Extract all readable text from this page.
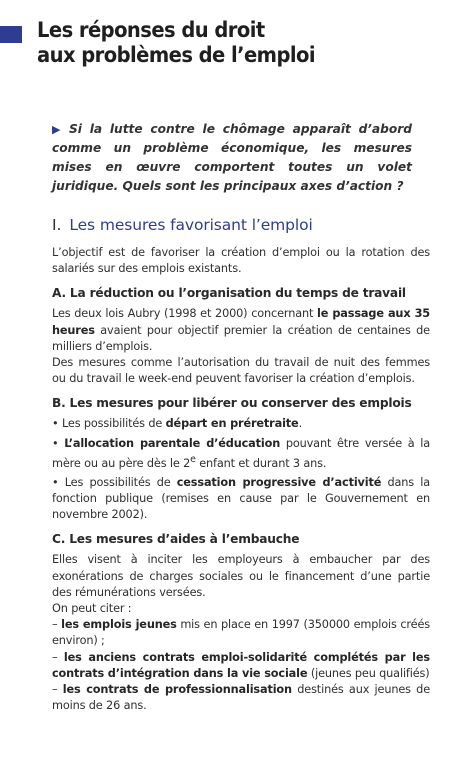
Les réponses du droit
aux problèmes de l’emploi

▶ Si la lutte contre le chômage apparaît d’abord comme un problème économique, les mesures mises en œuvre comportent toutes un volet juridique. Quels sont les principaux axes d’action ?

I. Les mesures favorisant l’emploi

L’objectif est de favoriser la création d’emploi ou la rotation des salariés sur des emplois existants.

A. La réduction ou l’organisation du temps de travail

Les deux lois Aubry (1998 et 2000) concernant le passage aux 35 heures avaient pour objectif premier la création de centaines de milliers d’emplois.

Des mesures comme l’autorisation du travail de nuit des femmes ou du travail le week-end peuvent favoriser la création d’emplois.

B. Les mesures pour libérer ou conserver des emplois

• Les possibilités de départ en préretraite.

• L’allocation parentale d’éducation pouvant être versée à la mère ou au père dès le 2e enfant et durant 3 ans.

• Les possibilités de cessation progressive d’activité dans la fonction publique (remises en cause par le Gouvernement en novembre 2002).

C. Les mesures d’aides à l’embauche

Elles visent à inciter les employeurs à embaucher par des exonérations de charges sociales ou le financement d’une partie des rémunérations versées.

On peut citer :

– les emplois jeunes mis en place en 1997 (350000 emplois créés environ) ;

– les anciens contrats emploi-solidarité complétés par les contrats d’intégration dans la vie sociale (jeunes peu qualifiés)

– les contrats de professionnalisation destinés aux jeunes de moins de 26 ans.
